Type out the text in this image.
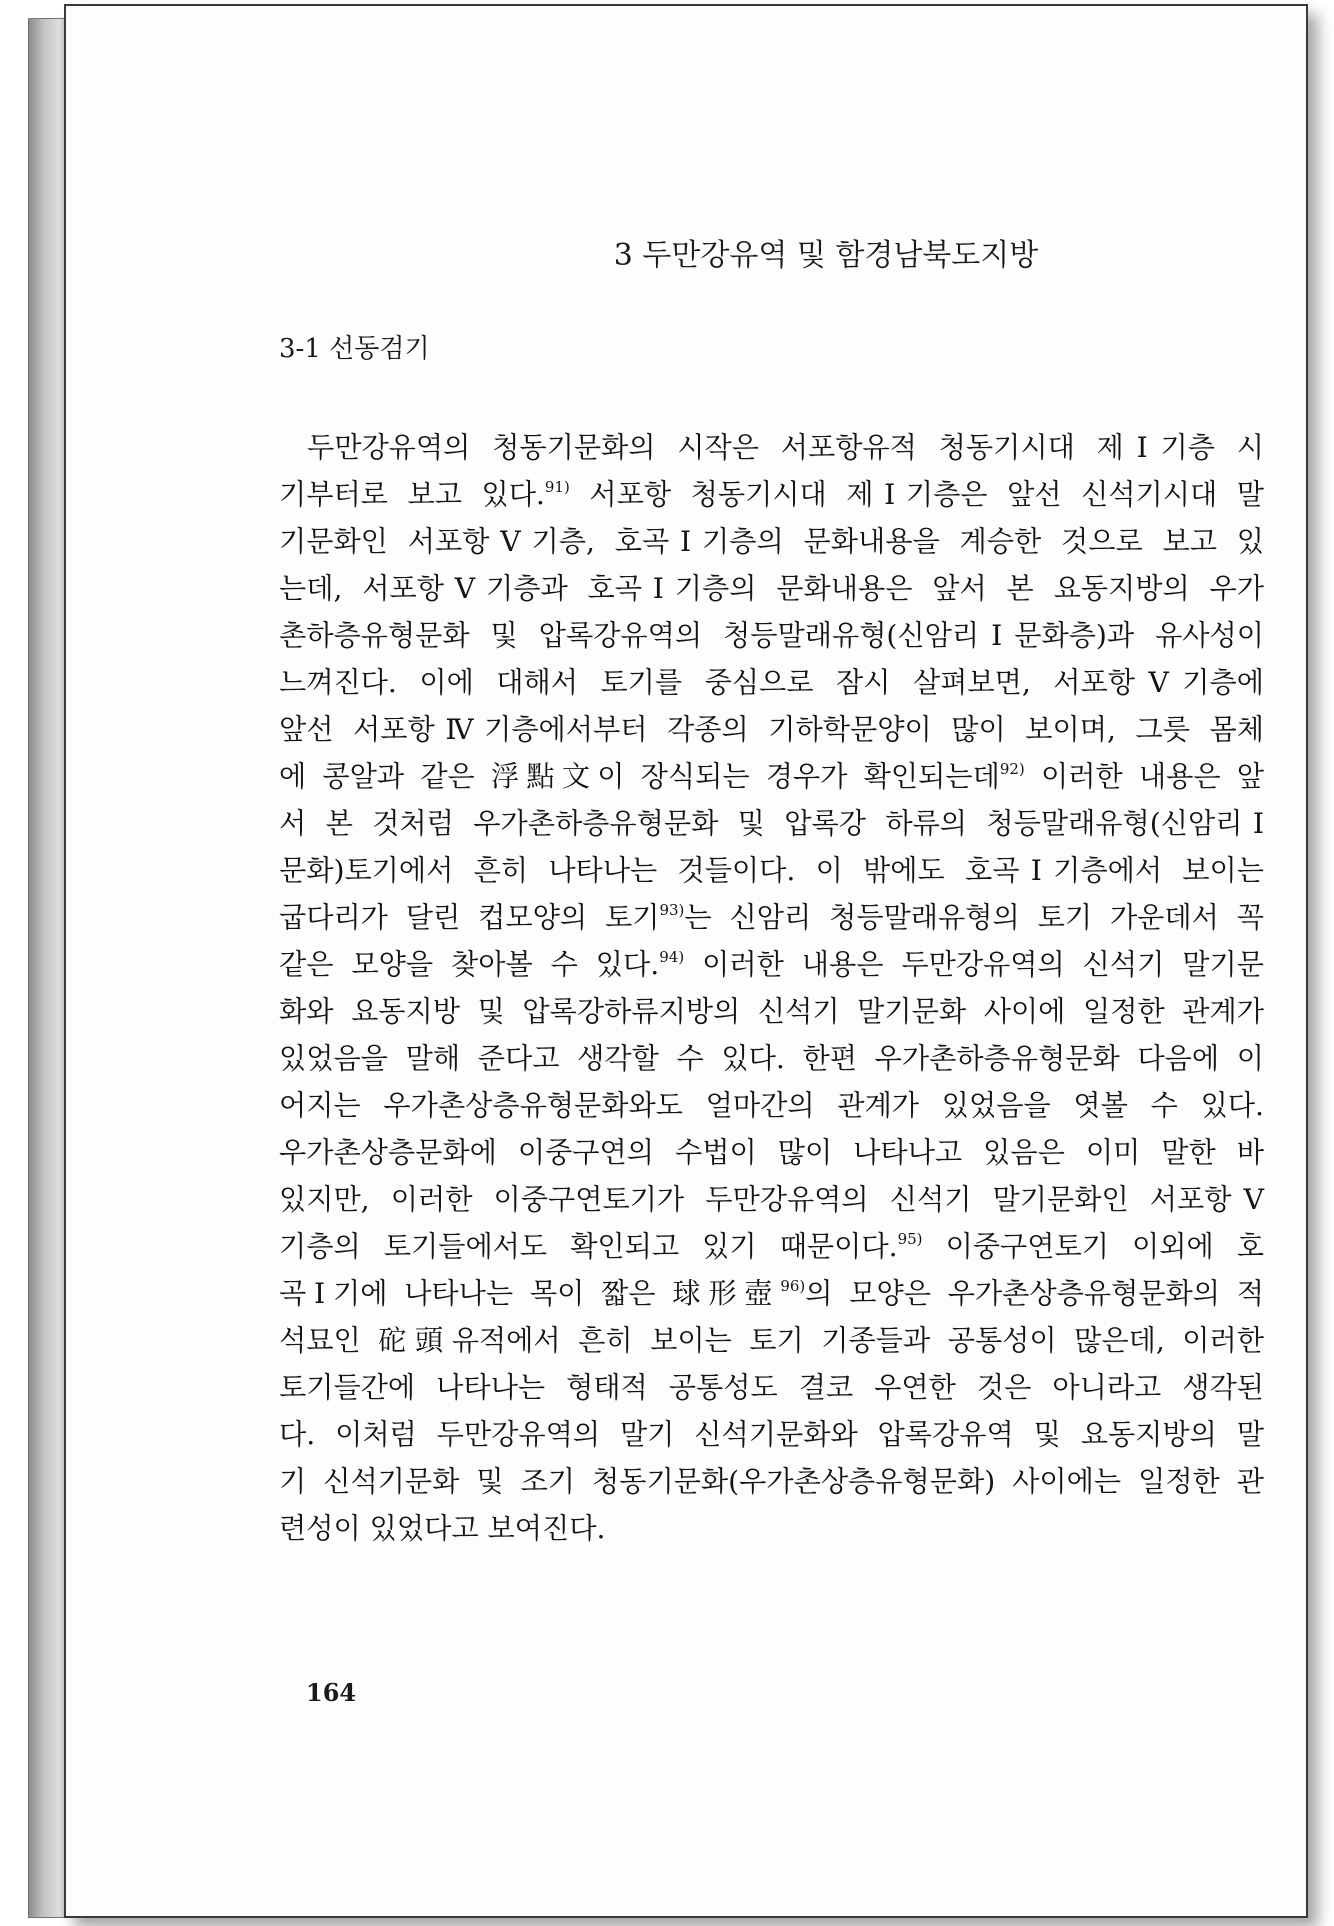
3 두만강유역 및 함경남북도지방
3-1 선동검기
두만강유역의 청동기문화의 시작은 서포항유적 청동기시대 제Ⅰ기층 시
기부터로 보고 있다.$^{91)}$ 서포항 청동기시대 제Ⅰ기층은 앞선 신석기시대 말
기문화인 서포항Ⅴ기층, 호곡Ⅰ기층의 문화내용을 계승한 것으로 보고 있
는데, 서포항Ⅴ기층과 호곡Ⅰ기층의 문화내용은 앞서 본 요동지방의 우가
촌하층유형문화 및 압록강유역의 청등말래유형(신암리Ⅰ문화층)과 유사성이
느껴진다. 이에 대해서 토기를 중심으로 잠시 살펴보면, 서포항Ⅴ기층에
앞선 서포항Ⅳ기층에서부터 각종의 기하학문양이 많이 보이며, 그릇 몸체
에 콩알과 같은 浮點文이 장식되는 경우가 확인되는데$^{92)}$ 이러한 내용은 앞
서 본 것처럼 우가촌하층유형문화 및 압록강 하류의 청등말래유형(신암리Ⅰ
문화)토기에서 흔히 나타나는 것들이다. 이 밖에도 호곡Ⅰ기층에서 보이는
굽다리가 달린 컵모양의 토기$^{93)}$는 신암리 청등말래유형의 토기 가운데서 꼭
같은 모양을 찾아볼 수 있다.$^{94)}$ 이러한 내용은 두만강유역의 신석기 말기문
화와 요동지방 및 압록강하류지방의 신석기 말기문화 사이에 일정한 관계가
있었음을 말해 준다고 생각할 수 있다. 한편 우가촌하층유형문화 다음에 이
어지는 우가촌상층유형문화와도 얼마간의 관계가 있었음을 엿볼 수 있다.
우가촌상층문화에 이중구연의 수법이 많이 나타나고 있음은 이미 말한 바
있지만, 이러한 이중구연토기가 두만강유역의 신석기 말기문화인 서포항Ⅴ
기층의 토기들에서도 확인되고 있기 때문이다.$^{95)}$ 이중구연토기 이외에 호
곡Ⅰ기에 나타나는 목이 짧은 球形壺$^{96)}$의 모양은 우가촌상층유형문화의 적
석묘인 砣頭유적에서 흔히 보이는 토기 기종들과 공통성이 많은데, 이러한
토기들간에 나타나는 형태적 공통성도 결코 우연한 것은 아니라고 생각된
다. 이처럼 두만강유역의 말기 신석기문화와 압록강유역 및 요동지방의 말
기 신석기문화 및 조기 청동기문화(우가촌상층유형문화) 사이에는 일정한 관
련성이 있었다고 보여진다.
164
